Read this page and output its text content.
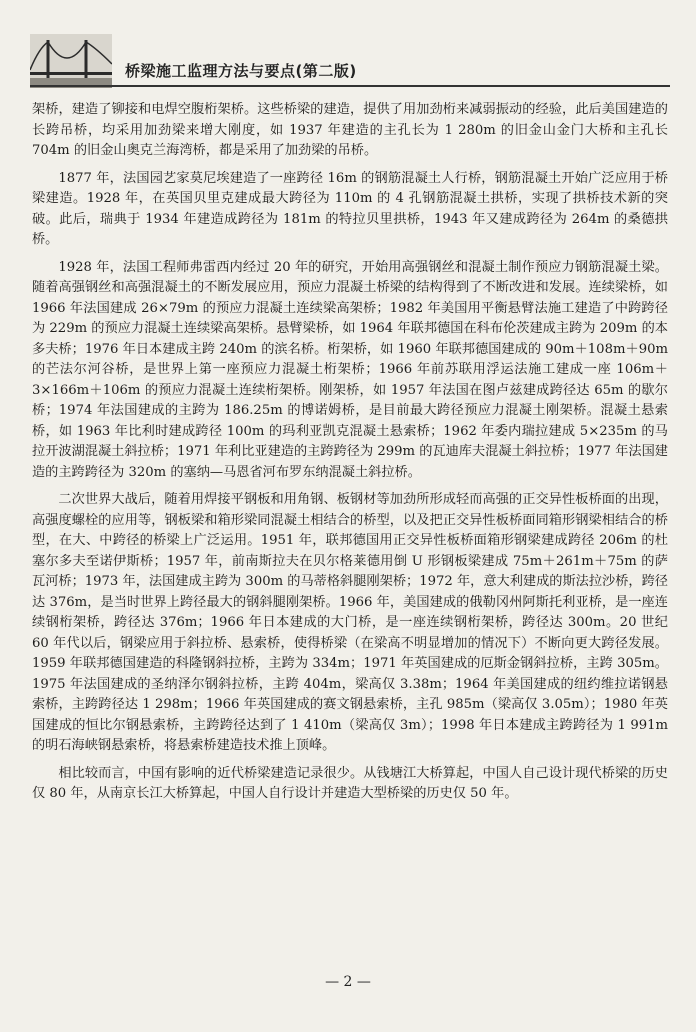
桥梁施工监理方法与要点(第二版)

架桥，建造了铆接和电焊空腹桁架桥。这些桥梁的建造，提供了用加劲桁来减弱振动的经验，此后美国建造的长跨吊桥，均采用加劲梁来增大刚度，如 1937 年建造的主孔长为 1 280m 的旧金山金门大桥和主孔长 704m 的旧金山奥克兰海湾桥，都是采用了加劲梁的吊桥。

1877 年，法国园艺家莫尼埃建造了一座跨径 16m 的钢筋混凝土人行桥，钢筋混凝土开始广泛应用于桥梁建造。1928 年，在英国贝里克建成最大跨径为 110m 的 4 孔钢筋混凝土拱桥，实现了拱桥技术新的突破。此后，瑞典于 1934 年建造成跨径为 181m 的特拉贝里拱桥，1943 年又建成跨径为 264m 的桑德拱桥。

1928 年，法国工程师弗雷西内经过 20 年的研究，开始用高强钢丝和混凝土制作预应力钢筋混凝土梁。随着高强钢丝和高强混凝土的不断发展应用，预应力混凝土桥梁的结构得到了不断改进和发展。连续梁桥，如 1966 年法国建成 26×79m 的预应力混凝土连续梁高架桥；1982 年美国用平衡悬臂法施工建造了中跨跨径为 229m 的预应力混凝土连续梁高架桥。悬臂梁桥，如 1964 年联邦德国在科布伦茨建成主跨为 209m 的本多夫桥；1976 年日本建成主跨 240m 的滨名桥。桁架桥，如 1960 年联邦德国建成的 90m＋108m＋90m 的芒法尔河谷桥，是世界上第一座预应力混凝土桁架桥；1966 年前苏联用浮运法施工建成一座 106m＋3×166m＋106m 的预应力混凝土连续桁架桥。刚架桥，如 1957 年法国在图卢兹建成跨径达 65m 的歇尔桥；1974 年法国建成的主跨为 186.25m 的博诺姆桥，是目前最大跨径预应力混凝土刚架桥。混凝土悬索桥，如 1963 年比利时建成跨径 100m 的玛利亚凯克混凝土悬索桥；1962 年委内瑞拉建成 5×235m 的马拉开波湖混凝土斜拉桥；1971 年利比亚建造的主跨跨径为 299m 的瓦迪库夫混凝土斜拉桥；1977 年法国建造的主跨跨径为 320m 的塞纳—马恩省河布罗东纳混凝土斜拉桥。

二次世界大战后，随着用焊接平钢板和用角钢、板钢材等加劲所形成轻而高强的正交异性板桥面的出现，高强度螺栓的应用等，钢板梁和箱形梁同混凝土相结合的桥型，以及把正交异性板桥面同箱形钢梁相结合的桥型，在大、中跨径的桥梁上广泛运用。1951 年，联邦德国用正交异性板桥面箱形钢梁建成跨径 206m 的杜塞尔多夫至诺伊斯桥；1957 年，前南斯拉夫在贝尔格莱德用倒 U 形钢板梁建成 75m＋261m＋75m 的萨瓦河桥；1973 年，法国建成主跨为 300m 的马蒂格斜腿刚架桥；1972 年，意大利建成的斯法拉沙桥，跨径达 376m，是当时世界上跨径最大的钢斜腿刚架桥。1966 年，美国建成的俄勒冈州阿斯托利亚桥，是一座连续钢桁架桥，跨径达 376m；1966 年日本建成的大门桥，是一座连续钢桁架桥，跨径达 300m。20 世纪 60 年代以后，钢梁应用于斜拉桥、悬索桥，使得桥梁（在梁高不明显增加的情况下）不断向更大跨径发展。1959 年联邦德国建造的科隆钢斜拉桥，主跨为 334m；1971 年英国建成的厄斯金钢斜拉桥，主跨 305m。1975 年法国建成的圣纳泽尔钢斜拉桥，主跨 404m，梁高仅 3.38m；1964 年美国建成的纽约维拉诺钢悬索桥，主跨跨径达 1 298m；1966 年英国建成的赛文钢悬索桥，主孔 985m（梁高仅 3.05m）；1980 年英国建成的恒比尔钢悬索桥，主跨跨径达到了 1 410m（梁高仅 3m）；1998 年日本建成主跨跨径为 1 991m 的明石海峡钢悬索桥，将悬索桥建造技术推上顶峰。

相比较而言，中国有影响的近代桥梁建造记录很少。从钱塘江大桥算起，中国人自己设计现代桥梁的历史仅 80 年，从南京长江大桥算起，中国人自行设计并建造大型桥梁的历史仅 50 年。

— 2 —
